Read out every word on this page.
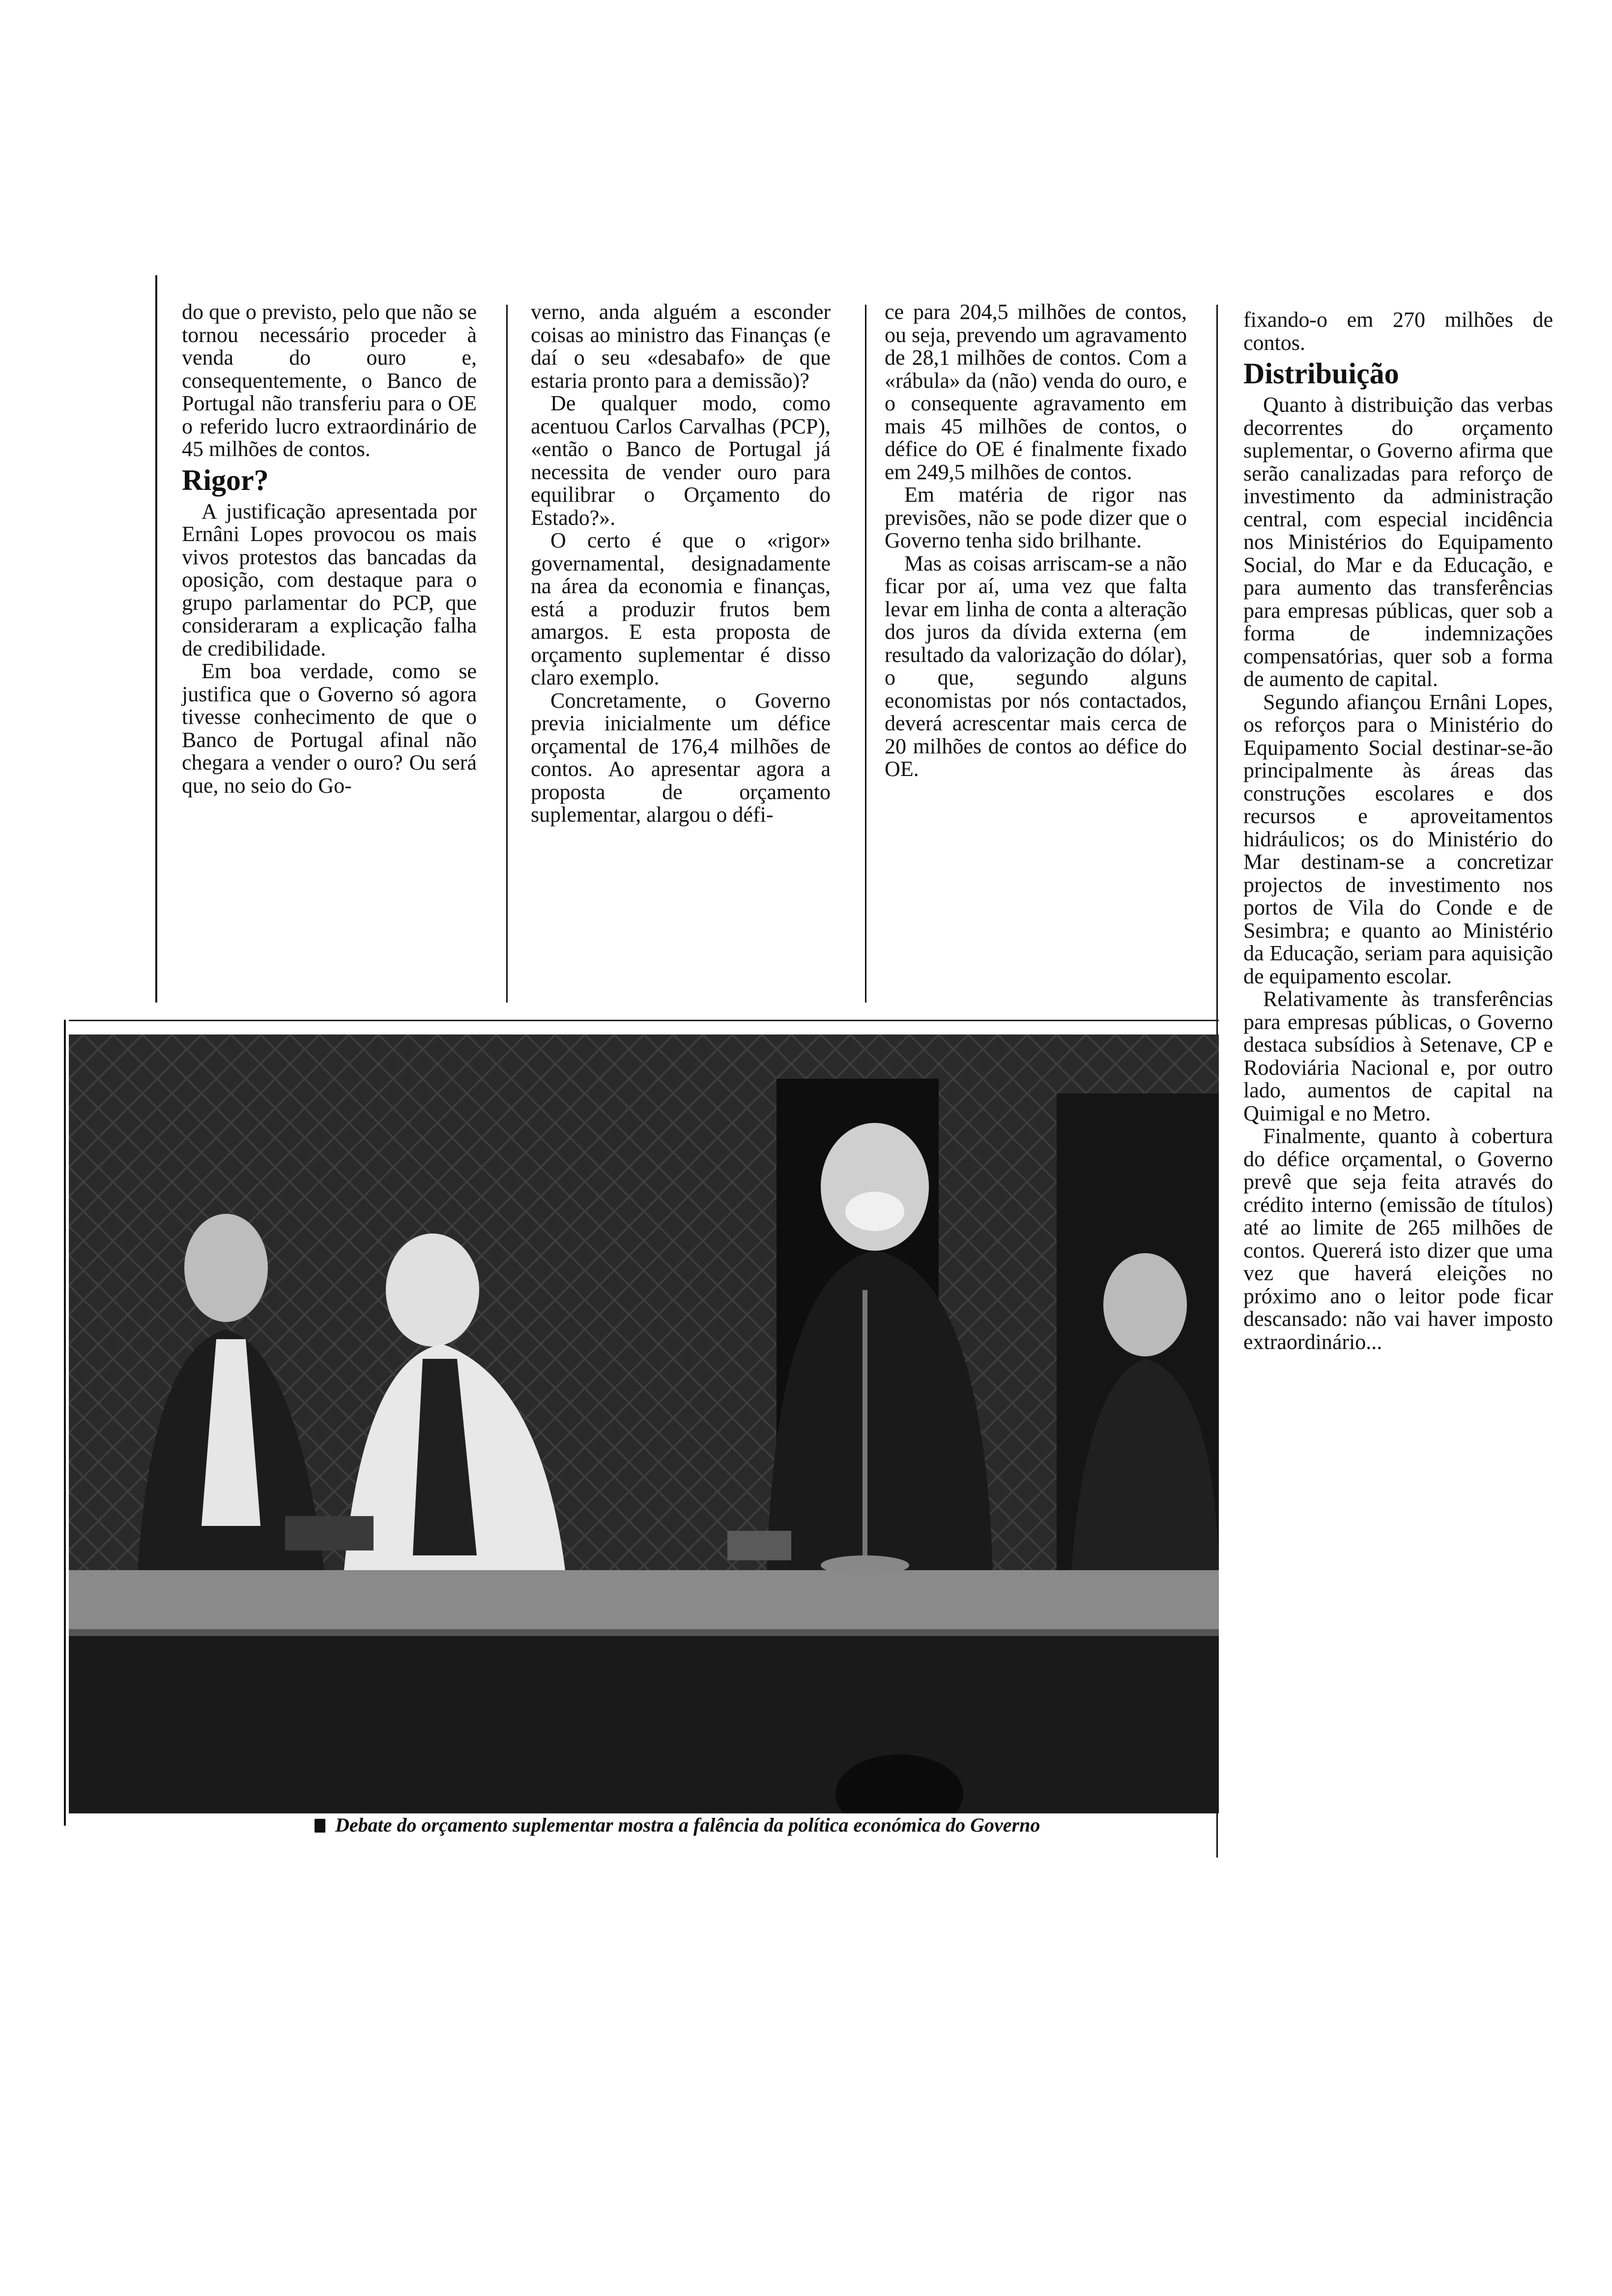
do que o previsto, pelo que não se tornou necessário proceder à venda do ouro e, consequentemente, o Banco de Portugal não transferiu para o OE o referido lucro extraordinário de 45 milhões de contos.

Rigor?

A justificação apresentada por Ernâni Lopes provocou os mais vivos protestos das bancadas da oposição, com destaque para o grupo parlamentar do PCP, que consideraram a explicação falha de credibilidade.

Em boa verdade, como se justifica que o Governo só agora tivesse conhecimento de que o Banco de Portugal afinal não chegara a vender o ouro? Ou será que, no seio do Go-

verno, anda alguém a esconder coisas ao ministro das Finanças (e daí o seu «desabafo» de que estaria pronto para a demissão)?

De qualquer modo, como acentuou Carlos Carvalhas (PCP), «então o Banco de Portugal já necessita de vender ouro para equilibrar o Orçamento do Estado?».

O certo é que o «rigor» governamental, designadamente na área da economia e finanças, está a produzir frutos bem amargos. E esta proposta de orçamento suplementar é disso claro exemplo.

Concretamente, o Governo previa inicialmente um défice orçamental de 176,4 milhões de contos. Ao apresentar agora a proposta de orçamento suplementar, alargou o défi-

ce para 204,5 milhões de contos, ou seja, prevendo um agravamento de 28,1 milhões de contos. Com a «rábula» da (não) venda do ouro, e o consequente agravamento em mais 45 milhões de contos, o défice do OE é finalmente fixado em 249,5 milhões de contos.

Em matéria de rigor nas previsões, não se pode dizer que o Governo tenha sido brilhante.

Mas as coisas arriscam-se a não ficar por aí, uma vez que falta levar em linha de conta a alteração dos juros da dívida externa (em resultado da valorização do dólar), o que, segundo alguns economistas por nós contactados, deverá acrescentar mais cerca de 20 milhões de contos ao défice do OE.

fixando-o em 270 milhões de contos.

Distribuição

Quanto à distribuição das verbas decorrentes do orçamento suplementar, o Governo afirma que serão canalizadas para reforço de investimento da administração central, com especial incidência nos Ministérios do Equipamento Social, do Mar e da Educação, e para aumento das transferências para empresas públicas, quer sob a forma de indemnizações compensatórias, quer sob a forma de aumento de capital.

Segundo afiançou Ernâni Lopes, os reforços para o Ministério do Equipamento Social destinar-se-ão principalmente às áreas das construções escolares e dos recursos e aproveitamentos hidráulicos; os do Ministério do Mar destinam-se a concretizar projectos de investimento nos portos de Vila do Conde e de Sesimbra; e quanto ao Ministério da Educação, seriam para aquisição de equipamento escolar.

Relativamente às transferências para empresas públicas, o Governo destaca subsídios à Setenave, CP e Rodoviária Nacional e, por outro lado, aumentos de capital na Quimigal e no Metro.

Finalmente, quanto à cobertura do défice orçamental, o Governo prevê que seja feita através do crédito interno (emissão de títulos) até ao limite de 265 milhões de contos. Quererá isto dizer que uma vez que haverá eleições no próximo ano o leitor pode ficar descansado: não vai haver imposto extraordinário...

Debate do orçamento suplementar mostra a falência da política económica do Governo
